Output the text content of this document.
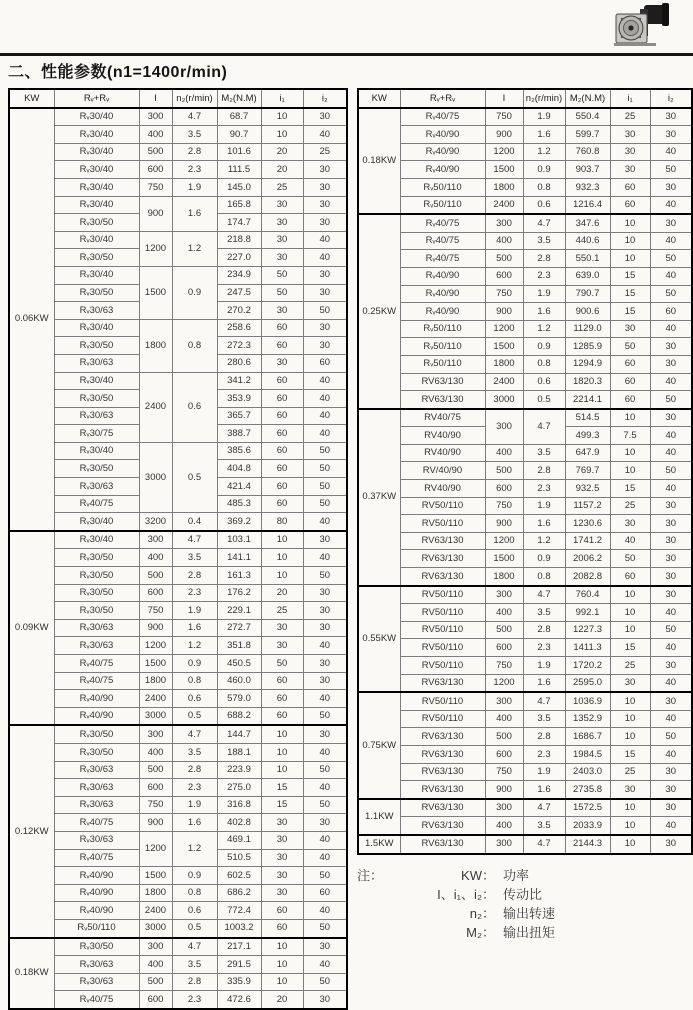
二、性能参数(n1=1400r/min)
KW	Rᵥ+Rᵥ	I	n₂(r/min)	M₂(N.M)	i₁	i₂
0.06KW	Rᵥ30/40	300	4.7	68.7	10	30
	Rᵥ30/40	400	3.5	90.7	10	40
	Rᵥ30/40	500	2.8	101.6	20	25
	Rᵥ30/40	600	2.3	111.5	20	30
	Rᵥ30/40	750	1.9	145.0	25	30
	Rᵥ30/40	900	1.6	165.8	30	30
	Rᵥ30/50			174.7	30	30
	Rᵥ30/40	1200	1.2	218.8	30	40
	Rᵥ30/50			227.0	30	40
	Rᵥ30/40	1500	0.9	234.9	50	30
	Rᵥ30/50			247.5	50	30
	Rᵥ30/63			270.2	30	50
	Rᵥ30/40	1800	0.8	258.6	60	30
	Rᵥ30/50			272.3	60	30
	Rᵥ30/63			280.6	30	60
	Rᵥ30/40	2400	0.6	341.2	60	40
	Rᵥ30/50			353.9	60	40
	Rᵥ30/63			365.7	60	40
	Rᵥ30/75			388.7	60	40
	Rᵥ30/40	3000	0.5	385.6	60	50
	Rᵥ30/50			404.8	60	50
	Rᵥ30/63			421.4	60	50
	Rᵥ40/75			485.3	60	50
	Rᵥ30/40	3200	0.4	369.2	80	40
0.09KW	Rᵥ30/40	300	4.7	103.1	10	30
	Rᵥ30/50	400	3.5	141.1	10	40
	Rᵥ30/50	500	2.8	161.3	10	50
	Rᵥ30/50	600	2.3	176.2	20	30
	Rᵥ30/50	750	1.9	229.1	25	30
	Rᵥ30/63	900	1.6	272.7	30	30
	Rᵥ30/63	1200	1.2	351.8	30	40
	Rᵥ40/75	1500	0.9	450.5	50	30
	Rᵥ40/75	1800	0.8	460.0	60	30
	Rᵥ40/90	2400	0.6	579.0	60	40
	Rᵥ40/90	3000	0.5	688.2	60	50
0.12KW	Rᵥ30/50	300	4.7	144.7	10	30
	Rᵥ30/50	400	3.5	188.1	10	40
	Rᵥ30/63	500	2.8	223.9	10	50
	Rᵥ30/63	600	2.3	275.0	15	40
	Rᵥ30/63	750	1.9	316.8	15	50
	Rᵥ40/75	900	1.6	402.8	30	30
	Rᵥ30/63	1200	1.2	469.1	30	40
	Rᵥ40/75			510.5	30	40
	Rᵥ40/90	1500	0.9	602.5	30	50
	Rᵥ40/90	1800	0.8	686.2	30	60
	Rᵥ40/90	2400	0.6	772.4	60	40
	Rᵥ50/110	3000	0.5	1003.2	60	50
0.18KW	Rᵥ30/50	300	4.7	217.1	10	30
	Rᵥ30/63	400	3.5	291.5	10	40
	Rᵥ30/63	500	2.8	335.9	10	50
	Rᵥ40/75	600	2.3	472.6	20	30
KW	Rᵥ+Rᵥ	I	n₂(r/min)	M₂(N.M)	i₁	i₂
0.18KW	Rᵥ40/75	750	1.9	550.4	25	30
	Rᵥ40/90	900	1.6	599.7	30	30
	Rᵥ40/90	1200	1.2	760.8	30	40
	Rᵥ40/90	1500	0.9	903.7	30	50
	Rᵥ50/110	1800	0.8	932.3	60	30
	Rᵥ50/110	2400	0.6	1216.4	60	40
0.25KW	Rᵥ40/75	300	4.7	347.6	10	30
	Rᵥ40/75	400	3.5	440.6	10	40
	Rᵥ40/75	500	2.8	550.1	10	50
	Rᵥ40/90	600	2.3	639.0	15	40
	Rᵥ40/90	750	1.9	790.7	15	50
	Rᵥ40/90	900	1.6	900.6	15	60
	Rᵥ50/110	1200	1.2	1129.0	30	40
	Rᵥ50/110	1500	0.9	1285.9	50	30
	Rᵥ50/110	1800	0.8	1294.9	60	30
	RV63/130	2400	0.6	1820.3	60	40
	RV63/130	3000	0.5	2214.1	60	50
0.37KW	RV40/75	300	4.7	514.5	10	30
	RV40/90			499.3	7.5	40
	RV40/90	400	3.5	647.9	10	40
	RV/40/90	500	2.8	769.7	10	50
	RV40/90	600	2.3	932.5	15	40
	RV50/110	750	1.9	1157.2	25	30
	RV50/110	900	1.6	1230.6	30	30
	RV63/130	1200	1.2	1741.2	40	30
	RV63/130	1500	0.9	2006.2	50	30
	RV63/130	1800	0.8	2082.8	60	30
0.55KW	RV50/110	300	4.7	760.4	10	30
	RV50/110	400	3.5	992.1	10	40
	RV50/110	500	2.8	1227.3	10	50
	RV50/110	600	2.3	1411.3	15	40
	RV50/110	750	1.9	1720.2	25	30
	RV63/130	1200	1.6	2595.0	30	40
0.75KW	RV50/110	300	4.7	1036.9	10	30
	RV50/110	400	3.5	1352.9	10	40
	RV63/130	500	2.8	1686.7	10	50
	RV63/130	600	2.3	1984.5	15	40
	RV63/130	750	1.9	2403.0	25	30
	RV63/130	900	1.6	2735.8	30	30
1.1KW	RV63/130	300	4.7	1572.5	10	30
	RV63/130	400	3.5	2033.9	10	40
1.5KW	RV63/130	300	4.7	2144.3	10	30
注：	KW： 功率
I、i₁、i₂： 传动比
n₂： 输出转速
M₂： 输出扭矩
